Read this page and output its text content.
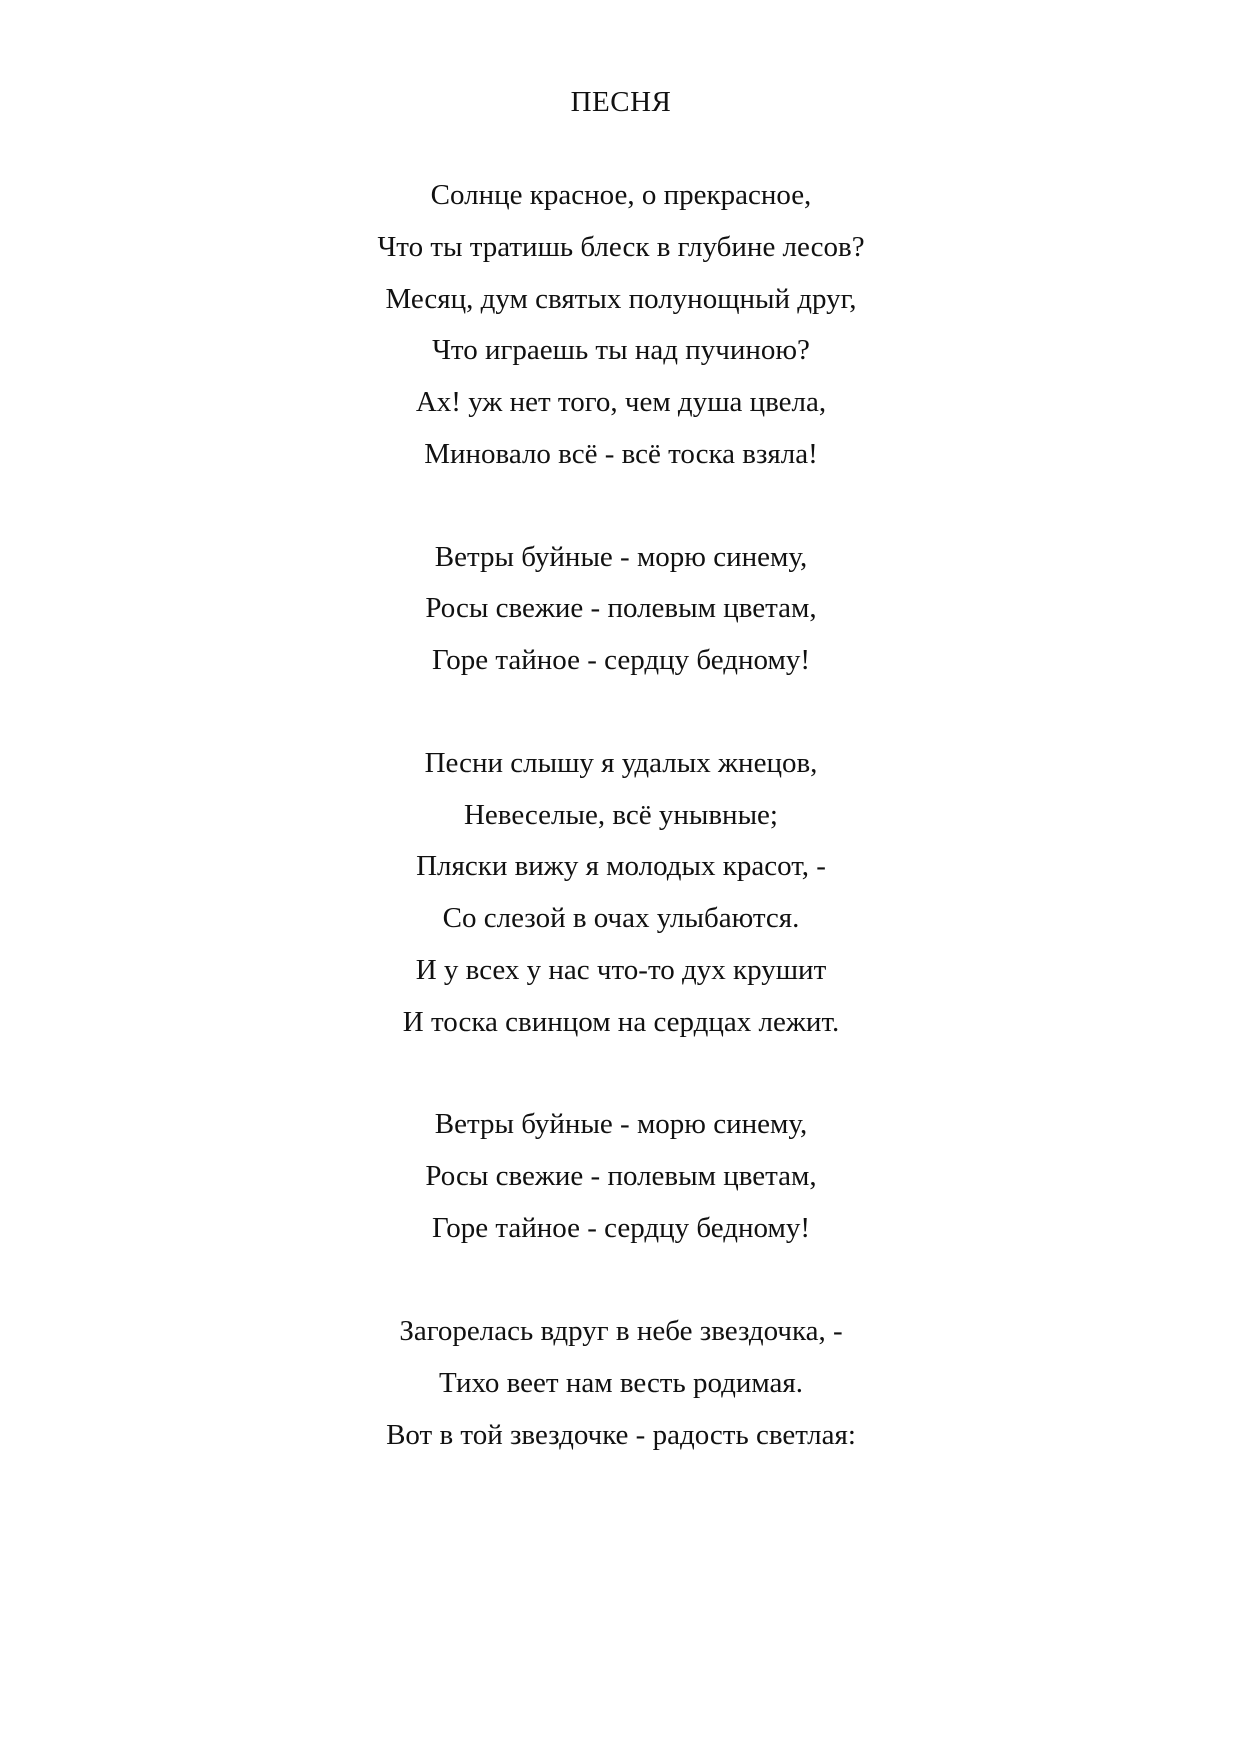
ПЕСНЯ
Солнце красное, о прекрасное,
Что ты тратишь блеск в глубине лесов?
Месяц, дум святых полунощный друг,
Что играешь ты над пучиною?
Ах! уж нет того, чем душа цвела,
Миновало всё - всё тоска взяла!
Ветры буйные - морю синему,
Росы свежие - полевым цветам,
Горе тайное - сердцу бедному!
Песни слышу я удалых жнецов,
Невеселые, всё унывные;
Пляски вижу я молодых красот, -
Со слезой в очах улыбаются.
И у всех у нас что-то дух крушит
И тоска свинцом на сердцах лежит.
Ветры буйные - морю синему,
Росы свежие - полевым цветам,
Горе тайное - сердцу бедному!
Загорелась вдруг в небе звездочка, -
Тихо веет нам весть родимая.
Вот в той звездочке - радость светлая:
